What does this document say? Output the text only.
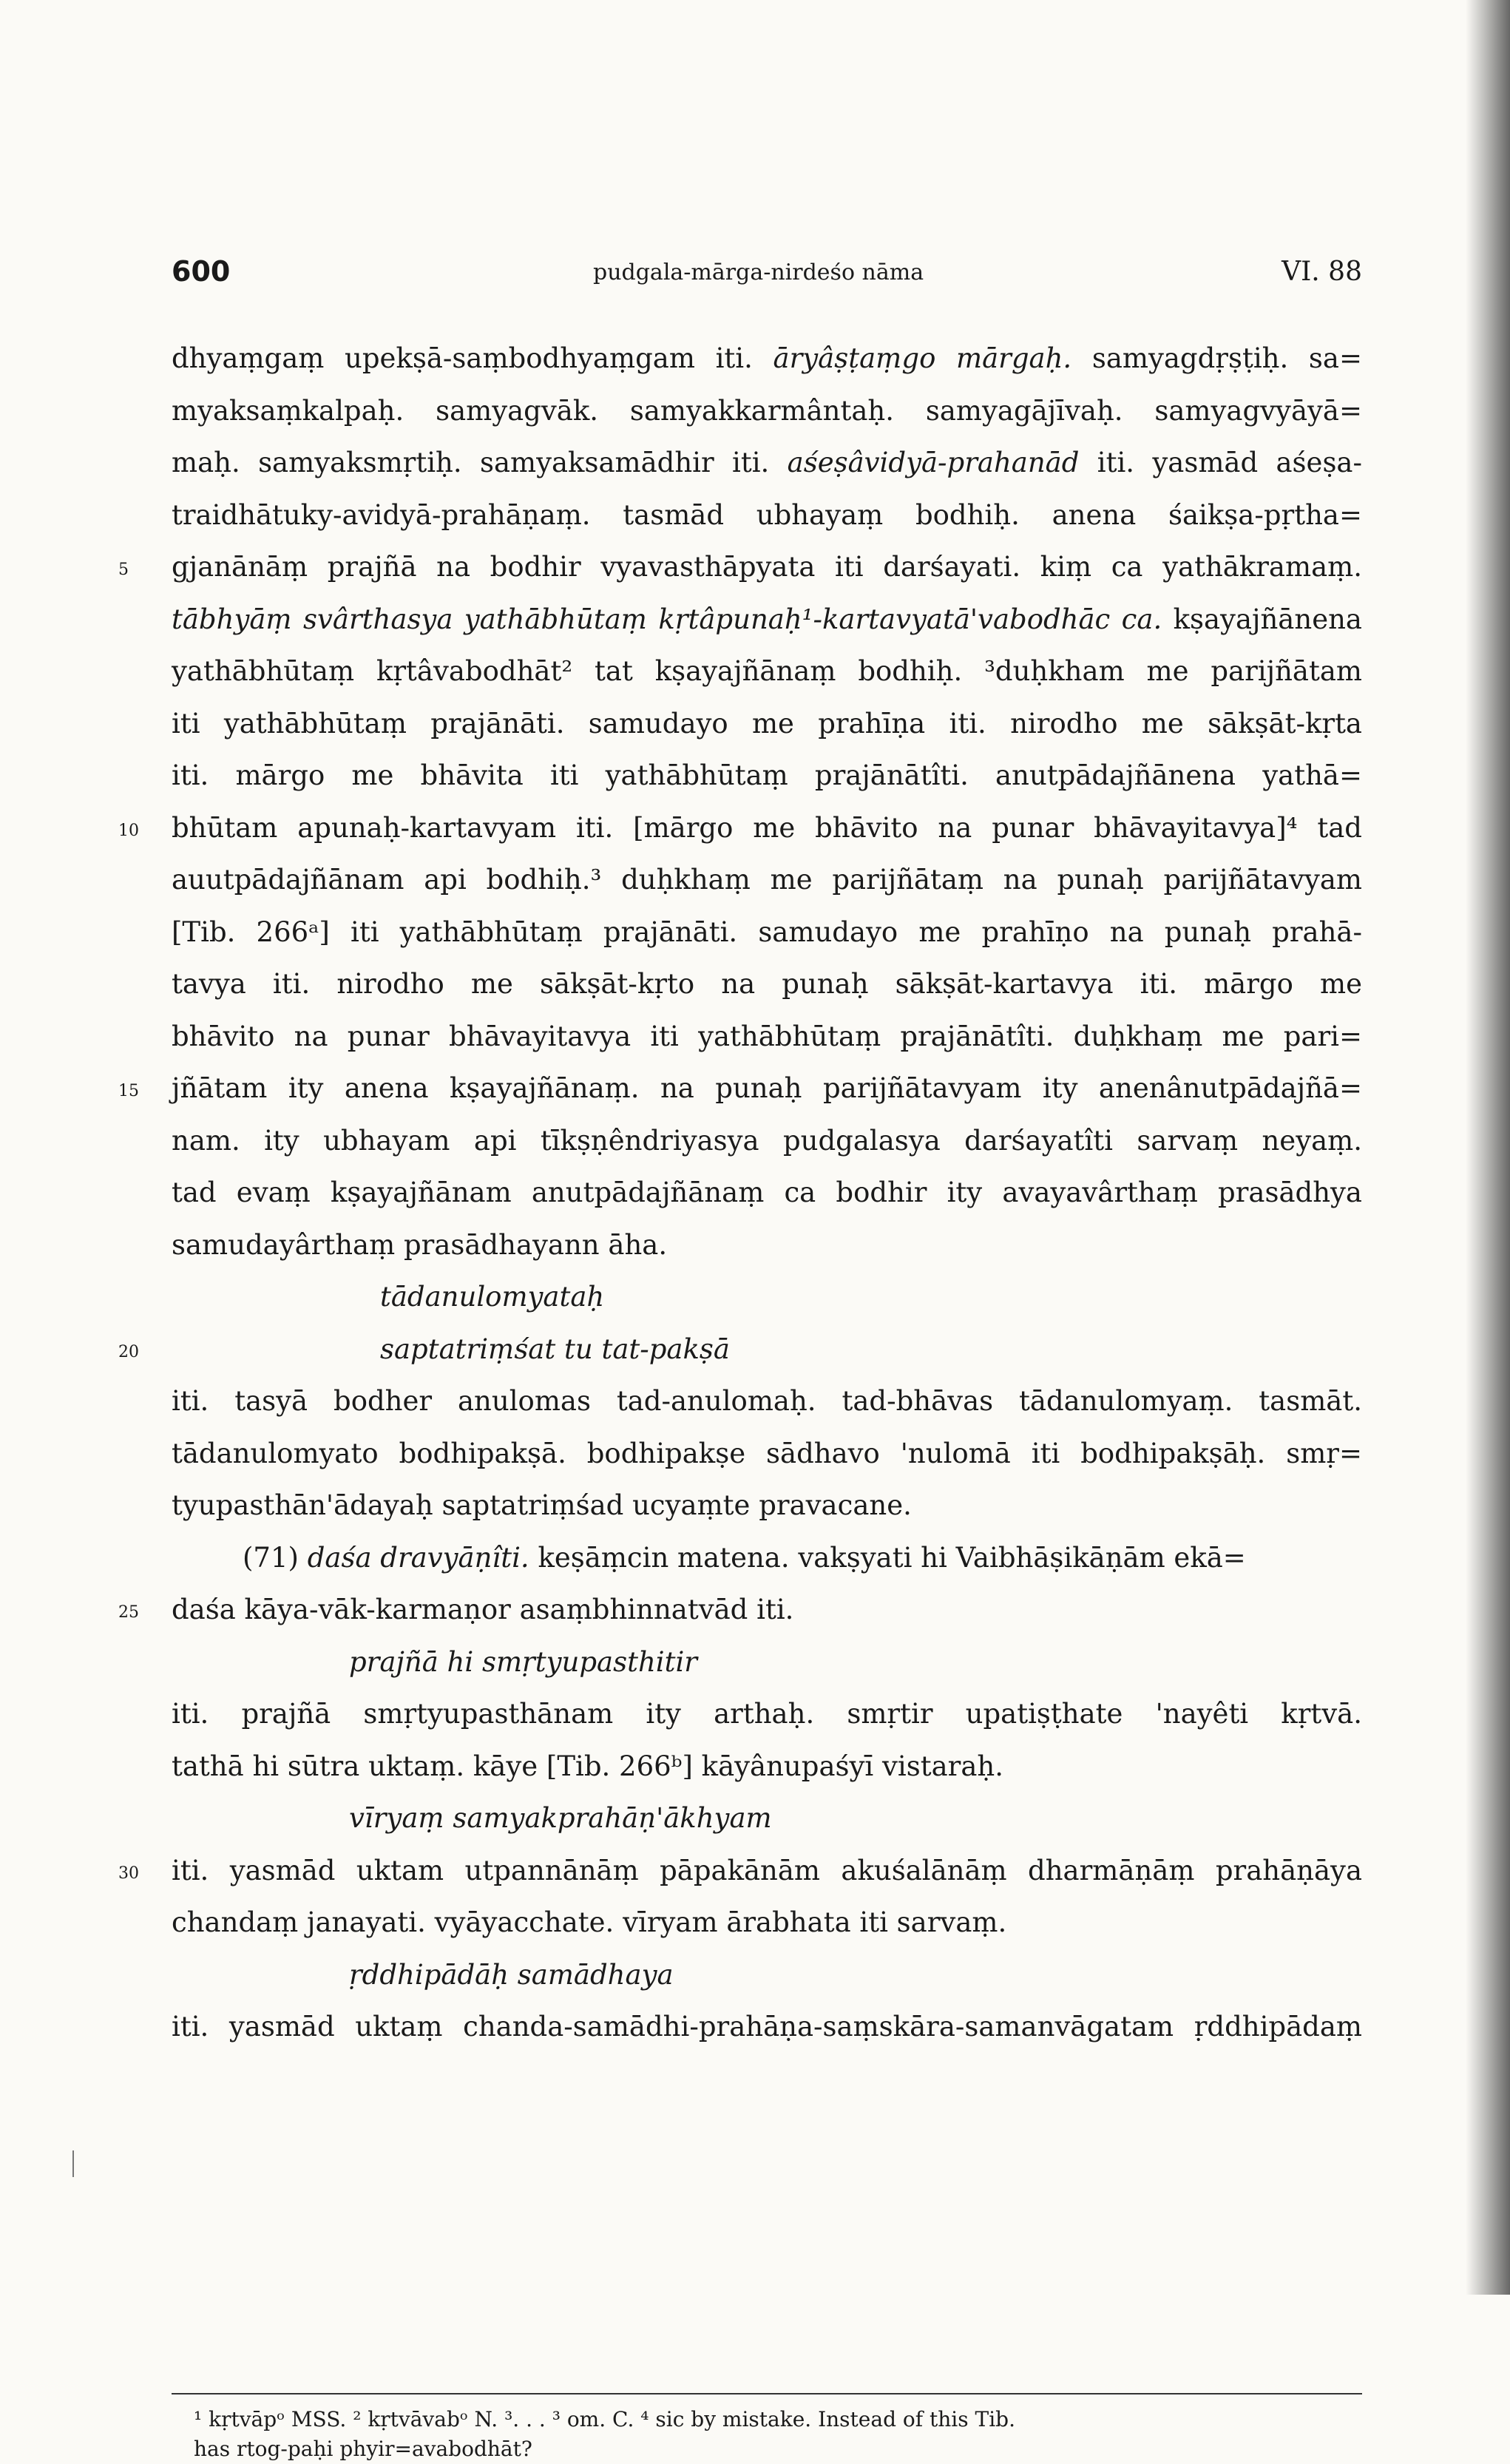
600	pudgala-mārga-nirdeśo nāma	VI. 88
dhyaṃgaṃ upekṣā-saṃbodhyaṃgam iti. āryâṣṭaṃgo mārgaḥ. samyagdṛṣṭiḥ. sa=
myaksaṃkalpaḥ. samyagvāk. samyakkarmântaḥ. samyagājīvaḥ. samyagvyāyā=
maḥ. samyaksmṛtiḥ. samyaksamādhir iti. aśeṣâvidyā-prahanād iti. yasmād aśeṣa-
traidhātuky-avidyā-prahāṇaṃ. tasmād ubhayaṃ bodhiḥ. anena śaikṣa-pṛtha=
5 gjanānāṃ prajñā na bodhir vyavasthāpyata iti darśayati. kiṃ ca yathākramaṃ.
tābhyāṃ svârthasya yathābhūtaṃ kṛtâpunaḥ¹-kartavyatā'vabodhāc ca. kṣayajñānena
yathābhūtaṃ kṛtâvabodhāt² tat kṣayajñānaṃ bodhiḥ. ³duḥkham me parijñātam
iti yathābhūtaṃ prajānāti. samudayo me prahīṇa iti. nirodho me sākṣāt-kṛta
iti. mārgo me bhāvita iti yathābhūtaṃ prajānātîti. anutpādajñānena yathā=
10 bhūtam apunaḥ-kartavyam iti. [mārgo me bhāvito na punar bhāvayitavya]⁴ tad
auutpādajñānam api bodhiḥ.³ duḥkhaṃ me parijñātaṃ na punaḥ parijñātavyam
[Tib. 266ᵃ] iti yathābhūtaṃ prajānāti. samudayo me prahīṇo na punaḥ prahā-
tavya iti. nirodho me sākṣāt-kṛto na punaḥ sākṣāt-kartavya iti. mārgo me
bhāvito na punar bhāvayitavya iti yathābhūtaṃ prajānātîti. duḥkhaṃ me pari=
15 jñātam ity anena kṣayajñānaṃ. na punaḥ parijñātavyam ity anenânutpādajñā=
nam. ity ubhayam api tīkṣṇêndriyasya pudgalasya darśayatîti sarvaṃ neyaṃ.
tad evaṃ kṣayajñānam anutpādajñānaṃ ca bodhir ity avayavârthaṃ prasādhya
samudayârthaṃ prasādhayann āha.
tādanulomyataḥ
20	saptatriṃśat tu tat-pakṣā
iti. tasyā bodher anulomas tad-anulomaḥ. tad-bhāvas tādanulomyaṃ. tasmāt.
tādanulomyato bodhipakṣā. bodhipakṣe sādhavo 'nulomā iti bodhipakṣāḥ. smṛ=
tyupasthān'ādayaḥ saptatriṃśad ucyaṃte pravacane.
(71) daśa dravyāṇîti. keṣāṃcin matena. vakṣyati hi Vaibhāṣikāṇām ekā=
25 daśa kāya-vāk-karmaṇor asaṃbhinnatvād iti.
prajñā hi smṛtyupasthitir
iti. prajñā smṛtyupasthānam ity arthaḥ. smṛtir upatiṣṭhate 'nayêti kṛtvā.
tathā hi sūtra uktaṃ. kāye [Tib. 266ᵇ] kāyânupaśyī vistaraḥ.
vīryaṃ samyakprahāṇ'ākhyam
30 iti. yasmād uktam utpannānāṃ pāpakānām akuśalānāṃ dharmāṇāṃ prahāṇāya
chandaṃ janayati. vyāyacchate. vīryam ārabhata iti sarvaṃ.
ṛddhipādāḥ samādhaya
iti. yasmād uktaṃ chanda-samādhi-prahāṇa-saṃskāra-samanvāgatam ṛddhipādaṃ
¹ kṛtvāpᵒ MSS. ² kṛtvāvabᵒ N. ³. . . ³ om. C. ⁴ sic by mistake. Instead of this Tib.
has rtog-paḥi phyir=avabodhāt?
